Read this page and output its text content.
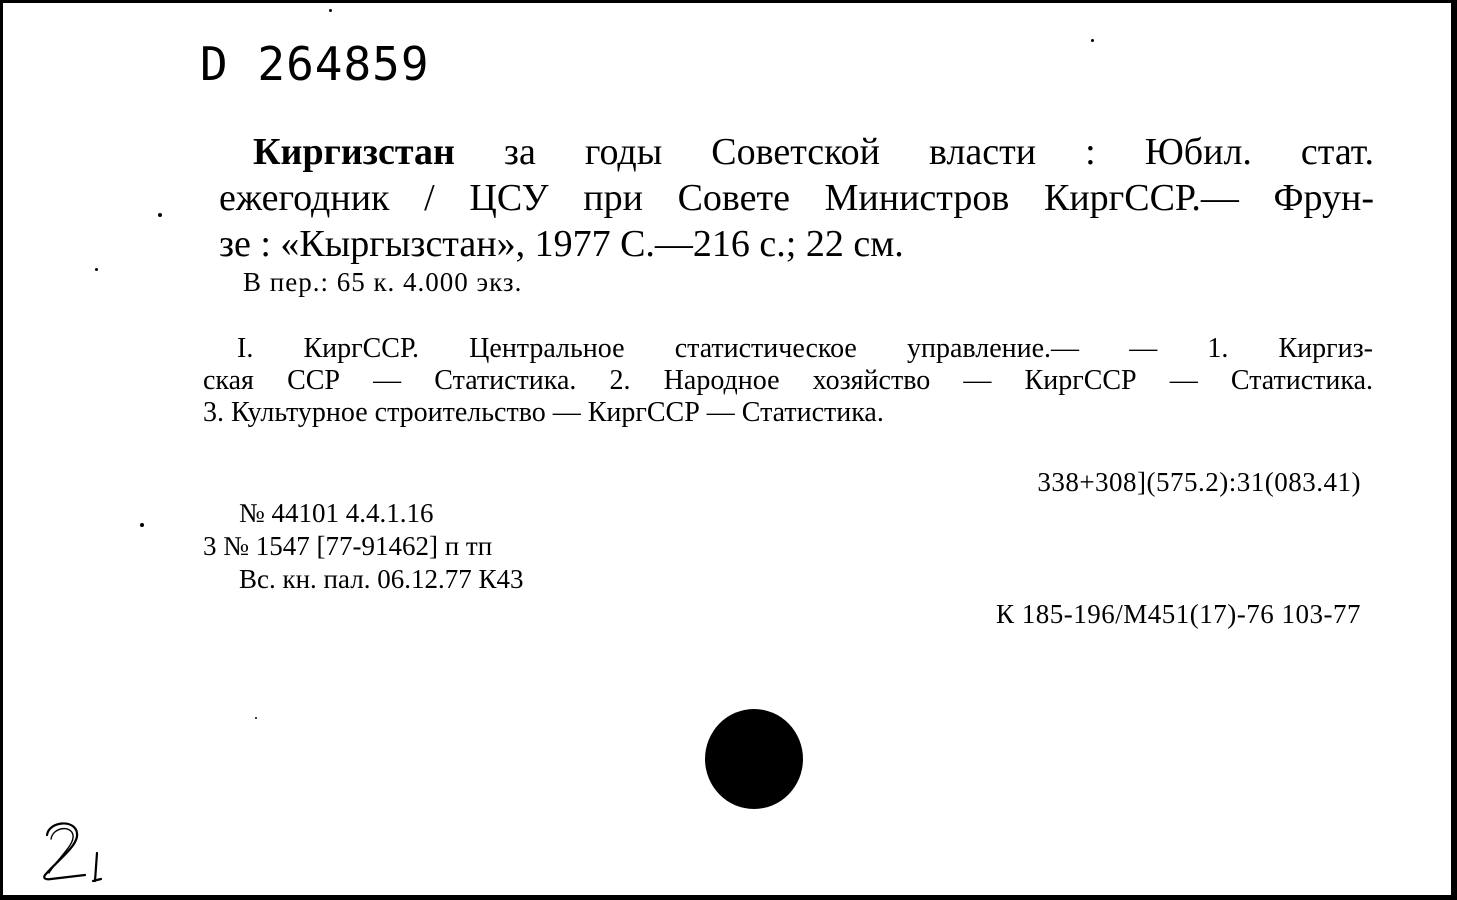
D 264859
Киргизстан за годы Советской власти : Юбил. стат.
ежегодник / ЦСУ при Совете Министров КиргССР.— Фрун-
зе : «Кыргызстан», 1977 С.—216 с.; 22 см.
В пер.: 65 к. 4.000 экз.
I. КиргССР. Центральное статистическое управление.— — 1. Киргиз-
ская ССР — Статистика. 2. Народное хозяйство — КиргССР — Статистика.
3. Культурное строительство — КиргССР — Статистика.
338+308](575.2):31(083.41)
№ 44101 4.4.1.16
3 № 1547 [77-91462] п тп
Вс. кн. пал. 06.12.77 К43
К 185-196/М451(17)-76 103-77
